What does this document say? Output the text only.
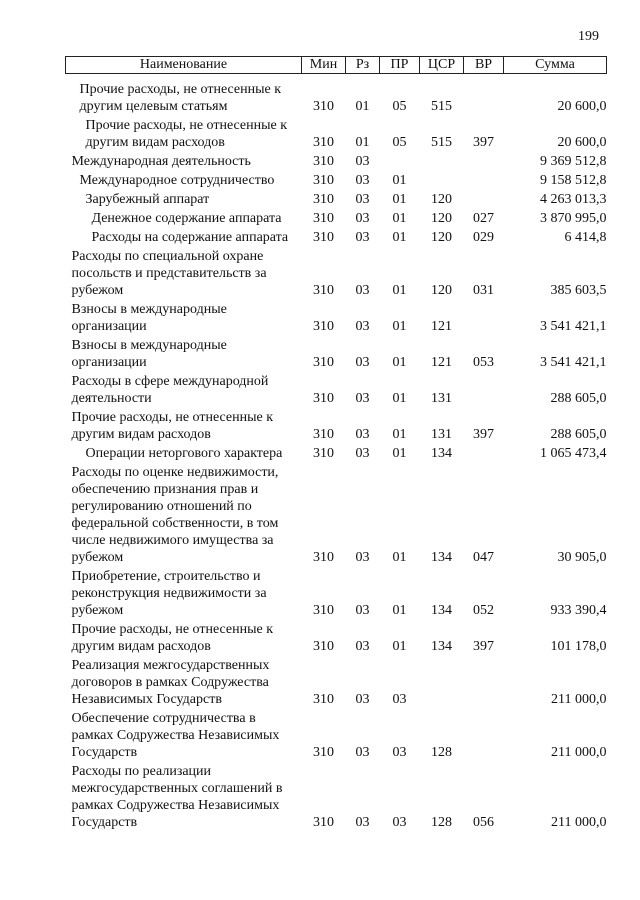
199
Наименование	Мин	Рз	ПР	ЦСР	ВР	Сумма
Прочие расходы, не отнесенные к другим целевым статьям	310	01	05	515		20 600,0
Прочие расходы, не отнесенные к другим видам расходов	310	01	05	515	397	20 600,0
Международная деятельность	310	03				9 369 512,8
Международное сотрудничество	310	03	01			9 158 512,8
Зарубежный аппарат	310	03	01	120		4 263 013,3
Денежное содержание аппарата	310	03	01	120	027	3 870 995,0
Расходы на содержание аппарата	310	03	01	120	029	6 414,8
Расходы по специальной охране посольств и представительств за рубежом	310	03	01	120	031	385 603,5
Взносы в международные организации	310	03	01	121		3 541 421,1
Взносы в международные организации	310	03	01	121	053	3 541 421,1
Расходы в сфере международной деятельности	310	03	01	131		288 605,0
Прочие расходы, не отнесенные к другим видам расходов	310	03	01	131	397	288 605,0
Операции неторгового характера	310	03	01	134		1 065 473,4
Расходы по оценке недвижимости, обеспечению признания прав и регулированию отношений по федеральной собственности, в том числе недвижимого имущества за рубежом	310	03	01	134	047	30 905,0
Приобретение, строительство и реконструкция недвижимости за рубежом	310	03	01	134	052	933 390,4
Прочие расходы, не отнесенные к другим видам расходов	310	03	01	134	397	101 178,0
Реализация межгосударственных договоров в рамках Содружества Независимых Государств	310	03	03			211 000,0
Обеспечение сотрудничества в рамках Содружества Независимых Государств	310	03	03	128		211 000,0
Расходы по реализации межгосударственных соглашений в рамках Содружества Независимых Государств	310	03	03	128	056	211 000,0
